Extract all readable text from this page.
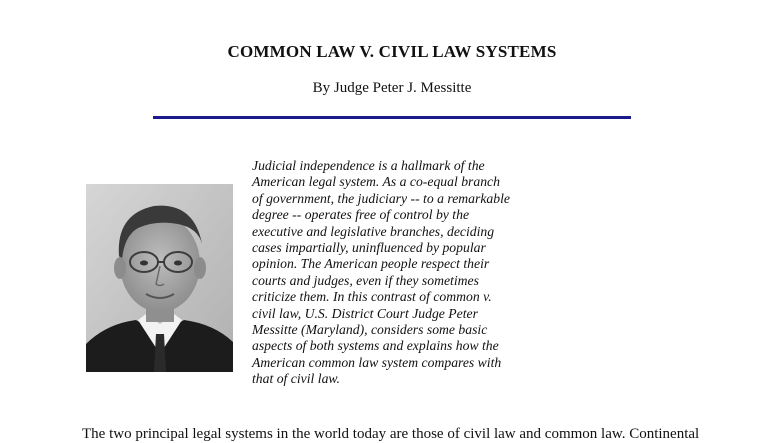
COMMON LAW V. CIVIL LAW SYSTEMS
By Judge Peter J. Messitte
Judicial independence is a hallmark of the
American legal system. As a co-equal branch
of government, the judiciary -- to a remarkable
degree -- operates free of control by the
executive and legislative branches, deciding
cases impartially, uninfluenced by popular
opinion. The American people respect their
courts and judges, even if they sometimes
criticize them. In this contrast of common v.
civil law, U.S. District Court Judge Peter
Messitte (Maryland), considers some basic
aspects of both systems and explains how the
American common law system compares with
that of civil law.
The two principal legal systems in the world today are those of civil law and common law. Continental
